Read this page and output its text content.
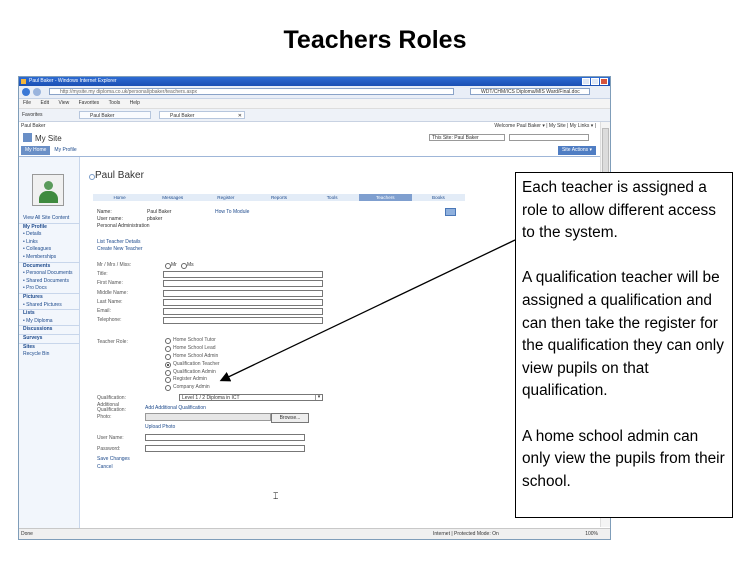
Teachers Roles
Paul Baker - Windows Internet Explorer
http://mysite.my diploma.co.uk/personal/pbaker/teachers.aspx	WDT/CHM/ICS Diploma/MIS Ward/Final.doc
File Edit View Favorites Tools Help
Favorites	Paul Baker	Paul Baker	✕
Paul Baker	Welcome Paul Baker ▾ | My Site | My Links ▾ |
My Site	This Site: Paul Baker
My Home	My Profile	Site Actions ▾
View All Site Content
My Profile
• Details
• Links
• Colleagues
• Memberships
Documents
• Personal Documents
• Shared Documents
• Pro Docs
Pictures
• Shared Pictures
Lists
• My Diploma
Discussions
Surveys
Sites
Recycle Bin
Paul Baker
Home	Messages	Register	Reports	Tools	Teachers	Books
Name:	Paul Baker
User name:	pbaker
How To Module
Personal Administration
List Teacher Details
Create New Teacher
Mr / Mrs / Miss:	Mr Ms
Title:
First Name:
Middle Name:
Last Name:
Email:
Telephone:
Teacher Role:	Home School Tutor
Home School Lead
Home School Admin
Qualification Teacher
Qualification Admin
Register Admin
Company Admin
Qualification:	Level 1 / 2 Diploma in ICT	▾
Additional Qualification:	Add Additional Qualification
Photo:	Browse...
Upload Photo
User Name:
Password:
Save Changes
Cancel
⌶
Done	Internet | Protected Mode: On	100%

Each teacher is assigned a role to allow different access to the system.

A qualification teacher will be assigned a qualification and can then take the register for the qualification they can only view pupils on that qualification.

A home school admin can only view the pupils from their school.
